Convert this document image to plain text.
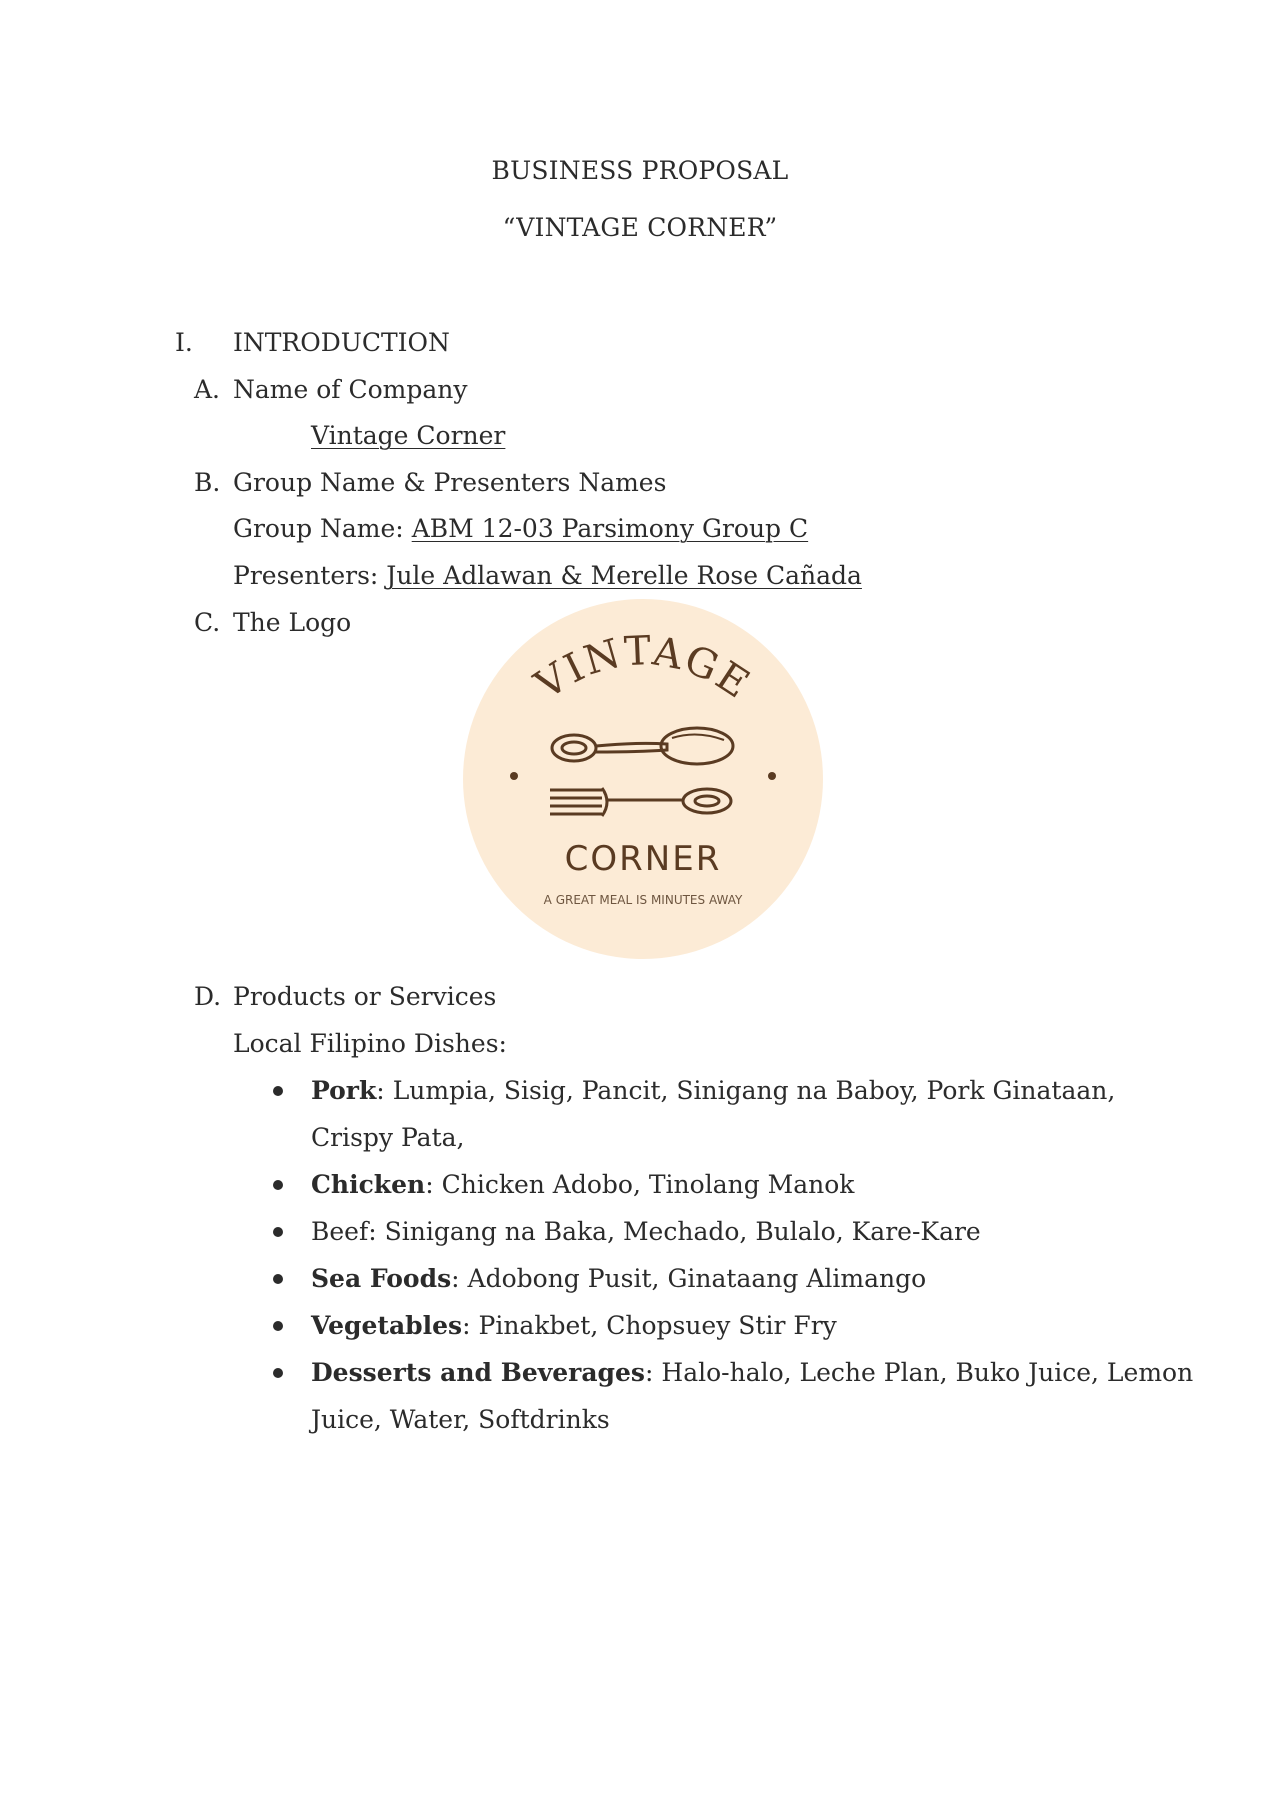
BUSINESS PROPOSAL
“VINTAGE CORNER”
I. INTRODUCTION
A. Name of Company
Vintage Corner
B. Group Name & Presenters Names
Group Name: ABM 12-03 Parsimony Group C
Presenters: Jule Adlawan & Merelle Rose Cañada
C. The Logo
VINTAGE
CORNER
A GREAT MEAL IS MINUTES AWAY
D. Products or Services
Local Filipino Dishes:
Pork: Lumpia, Sisig, Pancit, Sinigang na Baboy, Pork Ginataan,
Crispy Pata,
Chicken: Chicken Adobo, Tinolang Manok
Beef: Sinigang na Baka, Mechado, Bulalo, Kare-Kare
Sea Foods: Adobong Pusit, Ginataang Alimango
Vegetables: Pinakbet, Chopsuey Stir Fry
Desserts and Beverages: Halo-halo, Leche Plan, Buko Juice, Lemon
Juice, Water, Softdrinks
